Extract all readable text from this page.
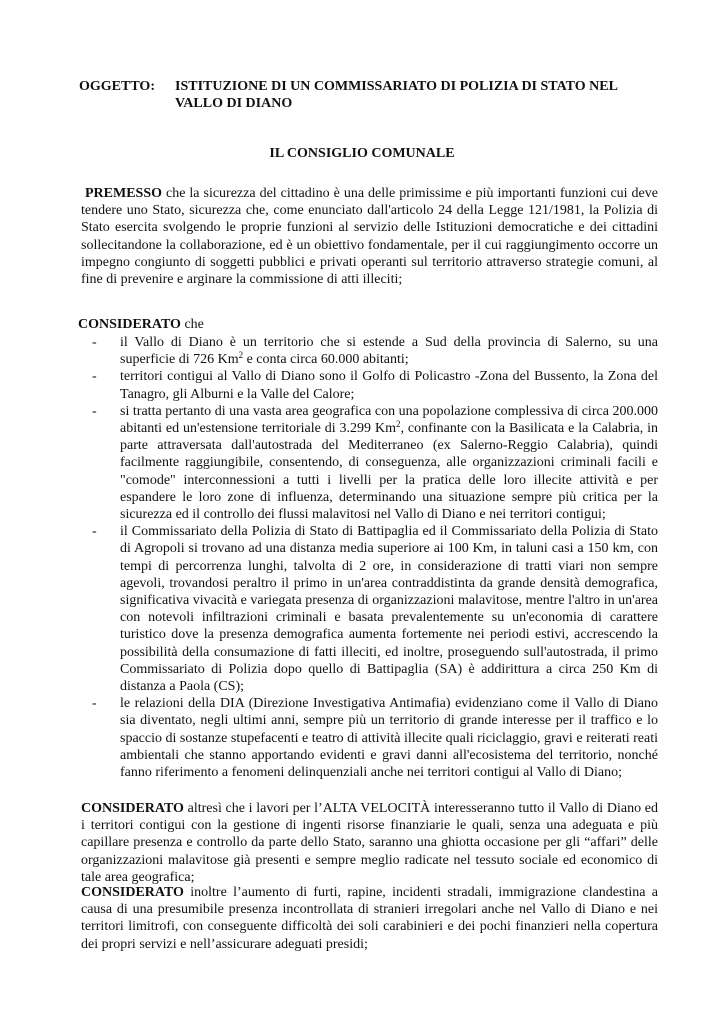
OGGETTO:	ISTITUZIONE DI UN COMMISSARIATO DI POLIZIA DI STATO NEL VALLO DI DIANO
IL CONSIGLIO COMUNALE
PREMESSO che la sicurezza del cittadino è una delle primissime e più importanti funzioni cui deve tendere uno Stato, sicurezza che, come enunciato dall'articolo 24 della Legge 121/1981, la Polizia di Stato esercita svolgendo le proprie funzioni al servizio delle Istituzioni democratiche e dei cittadini sollecitandone la collaborazione, ed è un obiettivo fondamentale, per il cui raggiungimento occorre un impegno congiunto di soggetti pubblici e privati operanti sul territorio attraverso strategie comuni, al fine di prevenire e arginare la commissione di atti illeciti;
CONSIDERATO che
- il Vallo di Diano è un territorio che si estende a Sud della provincia di Salerno, su una superficie di 726 Km$^2$ e conta circa 60.000 abitanti;
- territori contigui al Vallo di Diano sono il Golfo di Policastro -Zona del Bussento, la Zona del Tanagro, gli Alburni e la Valle del Calore;
- si tratta pertanto di una vasta area geografica con una popolazione complessiva di circa 200.000 abitanti ed un'estensione territoriale di 3.299 Km$^2$, confinante con la Basilicata e la Calabria, in parte attraversata dall'autostrada del Mediterraneo (ex Salerno-Reggio Calabria), quindi facilmente raggiungibile, consentendo, di conseguenza, alle organizzazioni criminali facili e "comode" interconnessioni a tutti i livelli per la pratica delle loro illecite attività e per espandere le loro zone di influenza, determinando una situazione sempre più critica per la sicurezza ed il controllo dei flussi malavitosi nel Vallo di Diano e nei territori contigui;
- il Commissariato della Polizia di Stato di Battipaglia ed il Commissariato della Polizia di Stato di Agropoli si trovano ad una distanza media superiore ai 100 Km, in taluni casi a 150 km, con tempi di percorrenza lunghi, talvolta di 2 ore, in considerazione di tratti viari non sempre agevoli, trovandosi peraltro il primo in un'area contraddistinta da grande densità demografica, significativa vivacità e variegata presenza di organizzazioni malavitose, mentre l'altro in un'area con notevoli infiltrazioni criminali e basata prevalentemente su un'economia di carattere turistico dove la presenza demografica aumenta fortemente nei periodi estivi, accrescendo la possibilità della consumazione di fatti illeciti, ed inoltre, proseguendo sull'autostrada, il primo Commissariato di Polizia dopo quello di Battipaglia (SA) è addirittura a circa 250 Km di distanza a Paola (CS);
- le relazioni della DIA (Direzione Investigativa Antimafia) evidenziano come il Vallo di Diano sia diventato, negli ultimi anni, sempre più un territorio di grande interesse per il traffico e lo spaccio di sostanze stupefacenti e teatro di attività illecite quali riciclaggio, gravi e reiterati reati ambientali che stanno apportando evidenti e gravi danni all'ecosistema del territorio, nonché fanno riferimento a fenomeni delinquenziali anche nei territori contigui al Vallo di Diano;
CONSIDERATO altresì che i lavori per l’ALTA VELOCITÀ interesseranno tutto il Vallo di Diano ed i territori contigui con la gestione di ingenti risorse finanziarie le quali, senza una adeguata e più capillare presenza e controllo da parte dello Stato, saranno una ghiotta occasione per gli “affari” delle organizzazioni malavitose già presenti e sempre meglio radicate nel tessuto sociale ed economico di tale area geografica;
CONSIDERATO inoltre l’aumento di furti, rapine, incidenti stradali, immigrazione clandestina a causa di una presumibile presenza incontrollata di stranieri irregolari anche nel Vallo di Diano e nei territori limitrofi, con conseguente difficoltà dei soli carabinieri e dei pochi finanzieri nella copertura dei propri servizi e nell’assicurare adeguati presidi;
